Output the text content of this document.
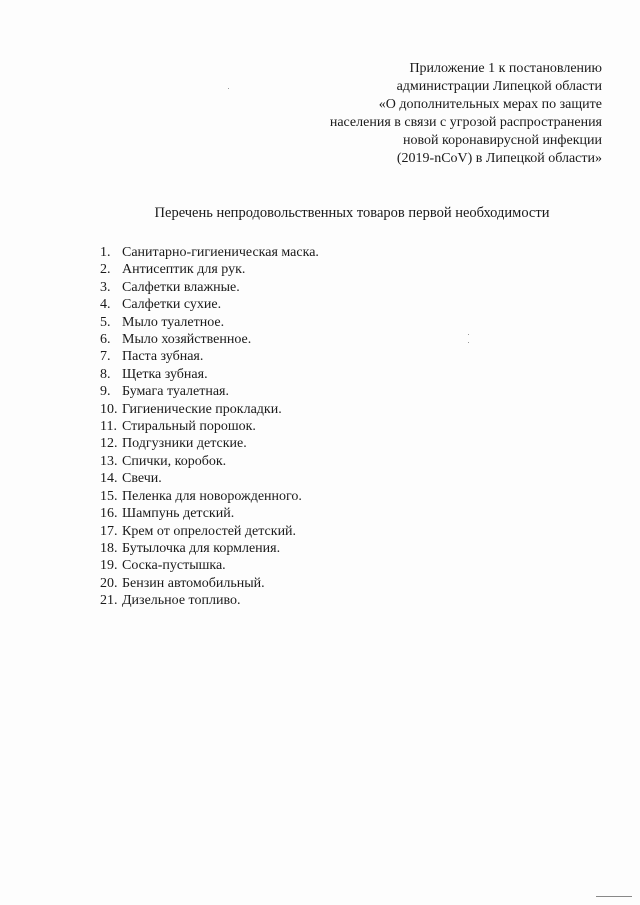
Приложение 1 к постановлению
администрации Липецкой области
«О дополнительных мерах по защите
населения в связи с угрозой распространения
новой коронавирусной инфекции
(2019-nCoV) в Липецкой области»
Перечень непродовольственных товаров первой необходимости
1. Санитарно-гигиеническая маска.
2. Антисептик для рук.
3. Салфетки влажные.
4. Салфетки сухие.
5. Мыло туалетное.
6. Мыло хозяйственное.
7. Паста зубная.
8. Щетка зубная.
9. Бумага туалетная.
10. Гигиенические прокладки.
11. Стиральный порошок.
12. Подгузники детские.
13. Спички, коробок.
14. Свечи.
15. Пеленка для новорожденного.
16. Шампунь детский.
17. Крем от опрелостей детский.
18. Бутылочка для кормления.
19. Соска-пустышка.
20. Бензин автомобильный.
21. Дизельное топливо.
